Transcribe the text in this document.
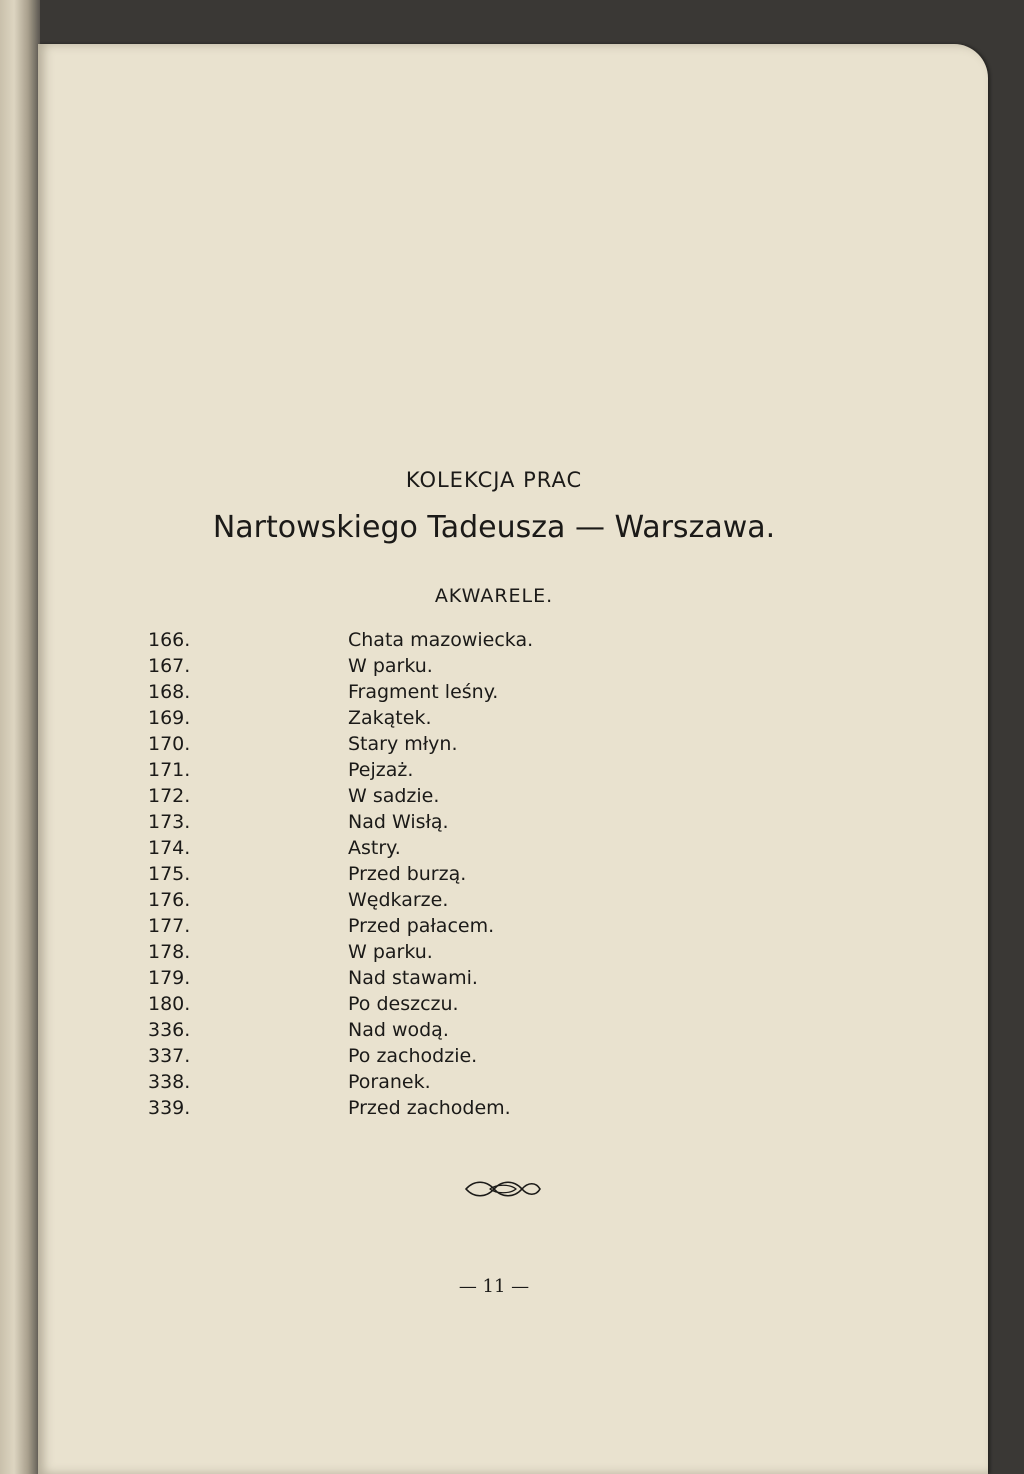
KOLEKCJA PRAC
Nartowskiego Tadeusza — Warszawa.
AKWARELE.
166.	Chata mazowiecka.
167.	W parku.
168.	Fragment leśny.
169.	Zakątek.
170.	Stary młyn.
171.	Pejzaż.
172.	W sadzie.
173.	Nad Wisłą.
174.	Astry.
175.	Przed burzą.
176.	Wędkarze.
177.	Przed pałacem.
178.	W parku.
179.	Nad stawami.
180.	Po deszczu.
336.	Nad wodą.
337.	Po zachodzie.
338.	Poranek.
339.	Przed zachodem.
— 11 —
